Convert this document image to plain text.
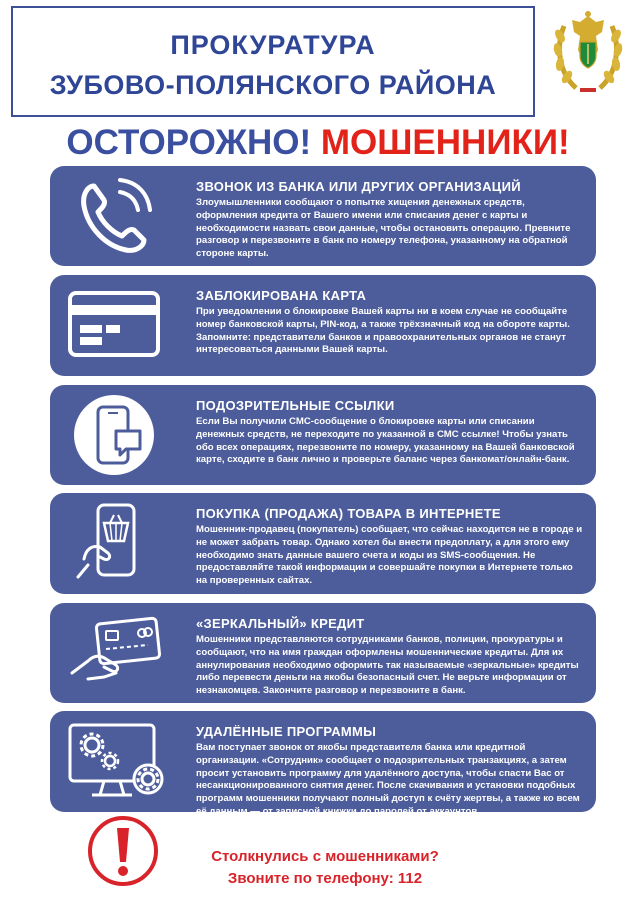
ПРОКУРАТУРА
ЗУБОВО-ПОЛЯНСКОГО РАЙОНА
ОСТОРОЖНО! МОШЕННИКИ!
ЗВОНОК ИЗ БАНКА ИЛИ ДРУГИХ ОРГАНИЗАЦИЙ
Злоумышленники сообщают о попытке хищения денежных средств, оформления кредита от Вашего имени или списания денег с карты и необходимости назвать свои данные, чтобы остановить операцию. Превните разговор и перезвоните в банк по номеру телефона, указанному на обратной стороне карты.
ЗАБЛОКИРОВАНА КАРТА
При уведомлении о блокировке Вашей карты ни в коем случае не сообщайте номер банковской карты, PIN-код, а также трёхзначный код на обороте карты. Запомните: представители банков и правоохранительных органов не станут интересоваться данными Вашей карты.
ПОДОЗРИТЕЛЬНЫЕ ССЫЛКИ
Если Вы получили СМС-сообщение о блокировке карты или списании денежных средств, не переходите по указанной в СМС ссылке! Чтобы узнать обо всех операциях, перезвоните по номеру, указанному на Вашей банковской карте, сходите в банк лично и проверьте баланс через банкомат/онлайн-банк.
ПОКУПКА (ПРОДАЖА) ТОВАРА В ИНТЕРНЕТЕ
Мошенник-продавец (покупатель) сообщает, что сейчас находится не в городе и не может забрать товар. Однако хотел бы внести предоплату, а для этого ему необходимо знать данные вашего счета и коды из SMS-сообщения. Не предоставляйте такой информации и совершайте покупки в Интернете только на проверенных сайтах.
«ЗЕРКАЛЬНЫЙ» КРЕДИТ
Мошенники представляются сотрудниками банков, полиции, прокуратуры и сообщают, что на имя граждан оформлены мошеннические кредиты. Для их аннулирования необходимо оформить так называемые «зеркальные» кредиты либо перевести деньги на якобы безопасный счет. Не верьте информации от незнакомцев. Закончите разговор и перезвоните в банк.
УДАЛЁННЫЕ ПРОГРАММЫ
Вам поступает звонок от якобы представителя банка или кредитной организации. «Сотрудник» сообщает о подозрительных транзакциях, а затем просит установить программу для удалённого доступа, чтобы спасти Вас от несанкционированного снятия денег. После скачивания и установки подобных программ мошенники получают полный доступ к счёту жертвы, а также ко всем её данным — от записной книжки до паролей от аккаунтов.
Столкнулись с мошенниками?
Звоните по телефону: 112
